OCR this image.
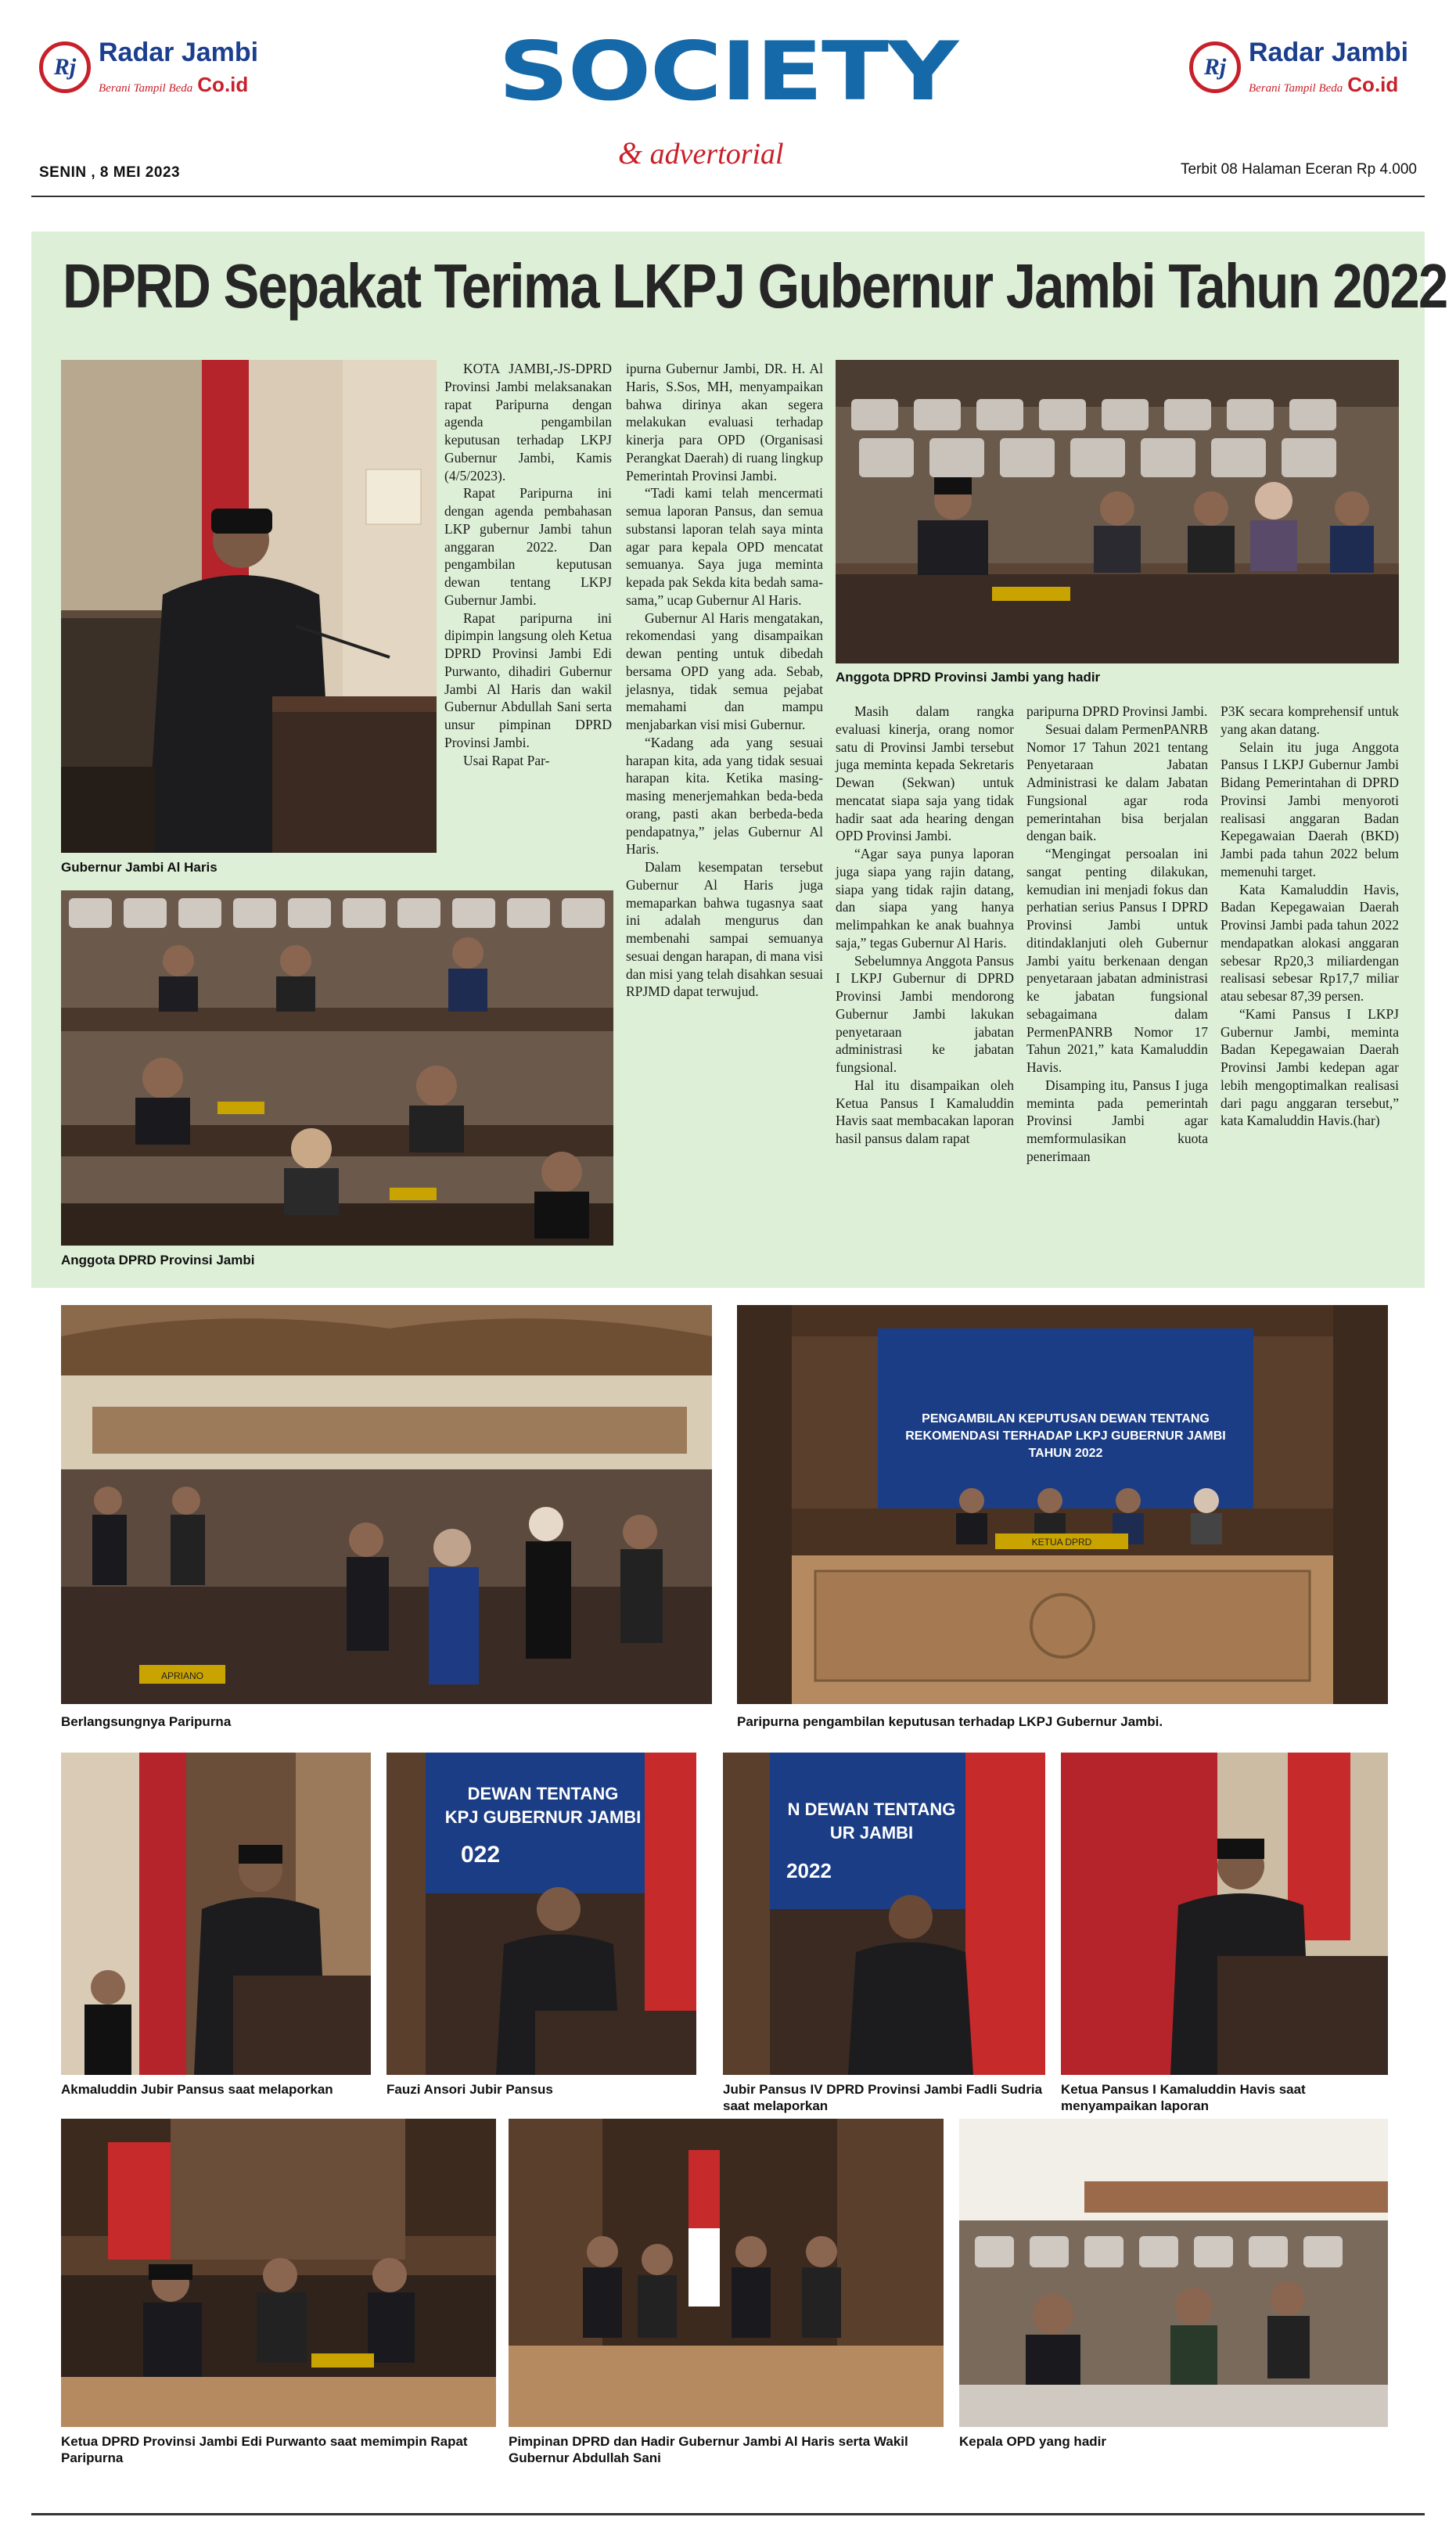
Rj Radar Jambi
Berani Tampil Beda Co.id	SOCIETY
& advertorial
Rj Radar Jambi
Berani Tampil Beda Co.id
SENIN , 8 MEI 2023	Terbit 08 Halaman Eceran Rp 4.000
DPRD Sepakat Terima LKPJ Gubernur Jambi Tahun 2022
Gubernur Jambi Al Haris
Anggota DPRD Provinsi Jambi yang hadir
Anggota DPRD Provinsi Jambi

KOTA JAMBI,-JS-DPRD Provinsi Jambi melaksanakan rapat Paripurna dengan agenda pengambilan keputusan terhadap LKPJ Gubernur Jambi, Kamis (4/5/2023).

Rapat Paripurna ini dengan agenda pembahasan LKP gubernur Jambi tahun anggaran 2022. Dan pengambilan keputusan dewan tentang LKPJ Gubernur Jambi.

Rapat paripurna ini dipimpin langsung oleh Ketua DPRD Provinsi Jambi Edi Purwanto, dihadiri Gubernur Jambi Al Haris dan wakil Gubernur Abdullah Sani serta unsur pimpinan DPRD Provinsi Jambi.

Usai Rapat Par-

ipurna Gubernur Jambi, DR. H. Al Haris, S.Sos, MH, menyampaikan bahwa dirinya akan segera melakukan evaluasi terhadap kinerja para OPD (Organisasi Perangkat Daerah) di ruang lingkup Pemerintah Provinsi Jambi.

“Tadi kami telah mencermati semua laporan Pansus, dan semua substansi laporan telah saya minta agar para kepala OPD mencatat semuanya. Saya juga meminta kepada pak Sekda kita bedah sama-sama,” ucap Gubernur Al Haris.

Gubernur Al Haris mengatakan, rekomendasi yang disampaikan dewan penting untuk dibedah bersama OPD yang ada. Sebab, jelasnya, tidak semua pejabat memahami dan mampu menjabarkan visi misi Gubernur.

“Kadang ada yang sesuai harapan kita, ada yang tidak sesuai harapan kita. Ketika masing-masing menerjemahkan beda-beda orang, pasti akan berbeda-beda pendapatnya,” jelas Gubernur Al Haris.

Dalam kesempatan tersebut Gubernur Al Haris juga memaparkan bahwa tugasnya saat ini adalah mengurus dan membenahi sampai semuanya sesuai dengan harapan, di mana visi dan misi yang telah disahkan sesuai RPJMD dapat terwujud.

Masih dalam rangka evaluasi kinerja, orang nomor satu di Provinsi Jambi tersebut juga meminta kepada Sekretaris Dewan (Sekwan) untuk mencatat siapa saja yang tidak hadir saat ada hearing dengan OPD Provinsi Jambi.

“Agar saya punya laporan juga siapa yang rajin datang, siapa yang tidak rajin datang, dan siapa yang hanya melimpahkan ke anak buahnya saja,” tegas Gubernur Al Haris.

Sebelumnya Anggota Pansus I LKPJ Gubernur di DPRD Provinsi Jambi mendorong Gubernur Jambi lakukan penyetaraan jabatan administrasi ke jabatan fungsional.

Hal itu disampaikan oleh Ketua Pansus I Kamaluddin Havis saat membacakan laporan hasil pansus dalam rapat

paripurna DPRD Provinsi Jambi.

Sesuai dalam PermenPANRB Nomor 17 Tahun 2021 tentang Penyetaraan Jabatan Administrasi ke dalam Jabatan Fungsional agar roda pemerintahan bisa berjalan dengan baik.

“Mengingat persoalan ini sangat penting dilakukan, kemudian ini menjadi fokus dan perhatian serius Pansus I DPRD Provinsi Jambi untuk ditindaklanjuti oleh Gubernur Jambi yaitu berkenaan dengan penyetaraan jabatan administrasi ke jabatan fungsional sebagaimana dalam PermenPANRB Nomor 17 Tahun 2021,” kata Kamaluddin Havis.

Disamping itu, Pansus I juga meminta pada pemerintah Provinsi Jambi agar memformulasikan kuota penerimaan

P3K secara komprehensif untuk yang akan datang.

Selain itu juga Anggota Pansus I LKPJ Gubernur Jambi Bidang Pemerintahan di DPRD Provinsi Jambi menyoroti realisasi anggaran Badan Kepegawaian Daerah (BKD) Jambi pada tahun 2022 belum memenuhi target.

Kata Kamaluddin Havis, Badan Kepegawaian Daerah Provinsi Jambi pada tahun 2022 mendapatkan alokasi anggaran sebesar Rp20,3 miliardengan realisasi sebesar Rp17,7 miliar atau sebesar 87,39 persen.

“Kami Pansus I LKPJ Gubernur Jambi, meminta Badan Kepegawaian Daerah Provinsi Jambi kedepan agar lebih mengoptimalkan realisasi dari pagu anggaran tersebut,” kata Kamaluddin Havis.(har)

APRIANO
Berlangsungnya Paripurna
PENGAMBILAN KEPUTUSAN DEWAN TENTANG
REKOMENDASI TERHADAP LKPJ GUBERNUR JAMBI
TAHUN 2022
KETUA DPRD
Paripurna pengambilan keputusan terhadap LKPJ Gubernur Jambi.
Akmaluddin Jubir Pansus saat melaporkan
DEWAN TENTANG
KPJ GUBERNUR JAMBI
022
Fauzi Ansori Jubir Pansus
N DEWAN TENTANG
UR JAMBI
2022
Jubir Pansus IV DPRD Provinsi Jambi Fadli Sudria saat melaporkan
Ketua Pansus I Kamaluddin Havis saat menyampaikan laporan
Ketua DPRD Provinsi Jambi Edi Purwanto saat memimpin Rapat Paripurna
Pimpinan DPRD dan Hadir Gubernur Jambi Al Haris serta Wakil Gubernur Abdullah Sani
Kepala OPD yang hadir
